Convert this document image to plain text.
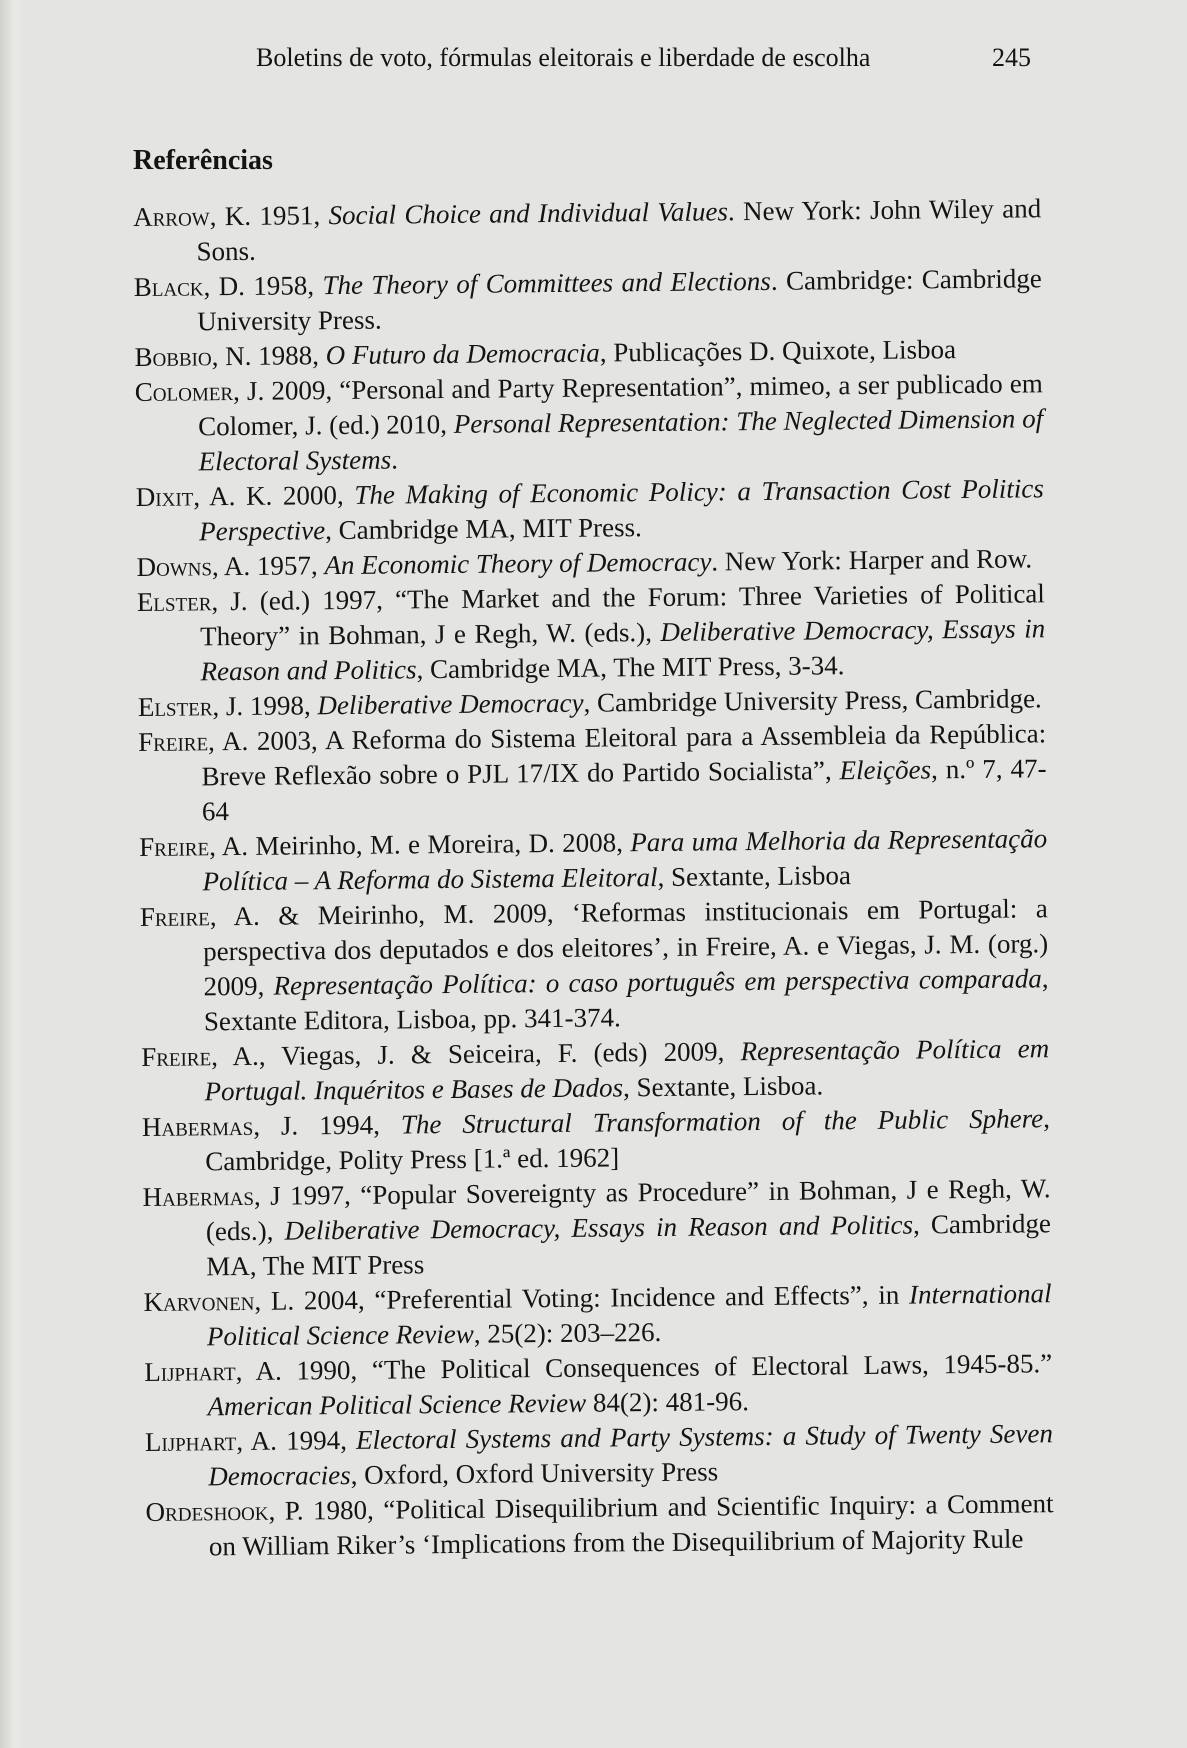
Boletins de voto, fórmulas eleitorais e liberdade de escolha	245
Referências
Arrow, K. 1951, Social Choice and Individual Values. New York: John Wiley and Sons.
Black, D. 1958, The Theory of Committees and Elections. Cambridge: Cambridge University Press.
Bobbio, N. 1988, O Futuro da Democracia, Publicações D. Quixote, Lisboa
Colomer, J. 2009, “Personal and Party Representation”, mimeo, a ser publicado em Colomer, J. (ed.) 2010, Personal Representation: The Neglected Dimension of Electoral Systems.
Dixit, A. K. 2000, The Making of Economic Policy: a Transaction Cost Politics Perspective, Cambridge MA, MIT Press.
Downs, A. 1957, An Economic Theory of Democracy. New York: Harper and Row.
Elster, J. (ed.) 1997, “The Market and the Forum: Three Varieties of Political Theory” in Bohman, J e Regh, W. (eds.), Deliberative Democracy, Essays in Reason and Politics, Cambridge MA, The MIT Press, 3-34.
Elster, J. 1998, Deliberative Democracy, Cambridge University Press, Cambridge.
Freire, A. 2003, A Reforma do Sistema Eleitoral para a Assembleia da República: Breve Reflexão sobre o PJL 17/IX do Partido Socialista”, Eleições, n.º 7, 47-64
Freire, A. Meirinho, M. e Moreira, D. 2008, Para uma Melhoria da Representação Política – A Reforma do Sistema Eleitoral, Sextante, Lisboa
Freire, A. & Meirinho, M. 2009, ‘Reformas institucionais em Portugal: a perspectiva dos deputados e dos eleitores’, in Freire, A. e Viegas, J. M. (org.) 2009, Representação Política: o caso português em perspectiva comparada, Sextante Editora, Lisboa, pp. 341-374.
Freire, A., Viegas, J. & Seiceira, F. (eds) 2009, Representação Política em Portugal. Inquéritos e Bases de Dados, Sextante, Lisboa.
Habermas, J. 1994, The Structural Transformation of the Public Sphere, Cambridge, Polity Press [1.ª ed. 1962]
Habermas, J 1997, “Popular Sovereignty as Procedure” in Bohman, J e Regh, W. (eds.), Deliberative Democracy, Essays in Reason and Politics, Cambridge MA, The MIT Press
Karvonen, L. 2004, “Preferential Voting: Incidence and Effects”, in International Political Science Review, 25(2): 203–226.
Lijphart, A. 1990, “The Political Consequences of Electoral Laws, 1945-85.” American Political Science Review 84(2): 481-96.
Lijphart, A. 1994, Electoral Systems and Party Systems: a Study of Twenty Seven Democracies, Oxford, Oxford University Press
Ordeshook, P. 1980, “Political Disequilibrium and Scientific Inquiry: a Comment on William Riker’s ‘Implications from the Disequilibrium of Majority Rule
